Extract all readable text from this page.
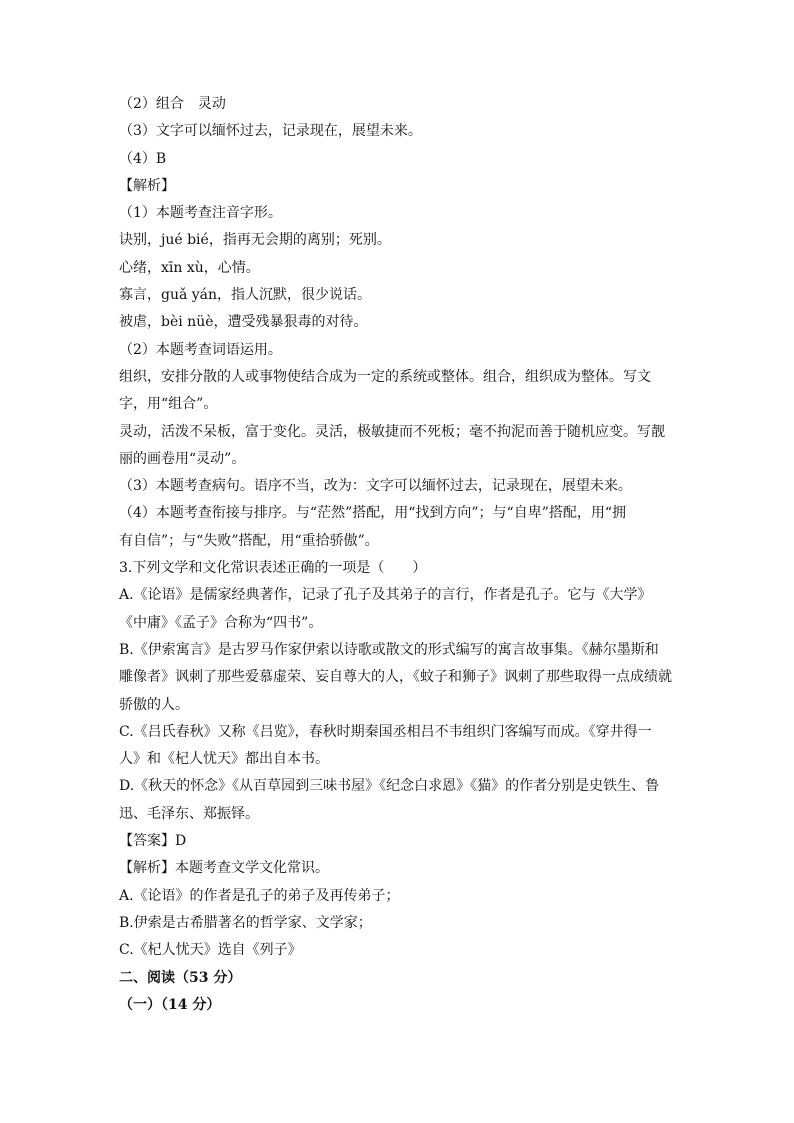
（2）组合　灵动
（3）文字可以缅怀过去，记录现在，展望未来。
（4）B
【解析】
（1）本题考查注音字形。
诀别，jué bié，指再无会期的离别；死别。
心绪，xīn xù，心情。
寡言，guǎ yán，指人沉默，很少说话。
被虐，bèi nüè，遭受残暴狠毒的对待。
（2）本题考查词语运用。
组织，安排分散的人或事物使结合成为一定的系统或整体。组合，组织成为整体。写文
字，用“组合”。
灵动，活泼不呆板，富于变化。灵活，极敏捷而不死板；毫不拘泥而善于随机应变。写靓
丽的画卷用“灵动”。
（3）本题考查病句。语序不当，改为：文字可以缅怀过去，记录现在，展望未来。
（4）本题考查衔接与排序。与“茫然”搭配，用“找到方向”；与“自卑”搭配，用“拥
有自信”；与“失败”搭配，用“重拾骄傲”。
3.下列文学和文化常识表述正确的一项是（　　）
A.《论语》是儒家经典著作，记录了孔子及其弟子的言行，作者是孔子。它与《大学》
《中庸》《孟子》合称为“四书”。
B.《伊索寓言》是古罗马作家伊索以诗歌或散文的形式编写的寓言故事集。《赫尔墨斯和
雕像者》讽刺了那些爱慕虚荣、妄自尊大的人，《蚊子和狮子》讽刺了那些取得一点成绩就
骄傲的人。
C.《吕氏春秋》又称《吕览》，春秋时期秦国丞相吕不韦组织门客编写而成。《穿井得一
人》和《杞人忧天》都出自本书。
D.《秋天的怀念》《从百草园到三味书屋》《纪念白求恩》《猫》的作者分别是史铁生、鲁
迅、毛泽东、郑振铎。
【答案】D
【解析】本题考查文学文化常识。
A.《论语》的作者是孔子的弟子及再传弟子；
B.伊索是古希腊著名的哲学家、文学家；
C.《杞人忧天》选自《列子》
二、阅读（53 分）
（一）（14 分）
